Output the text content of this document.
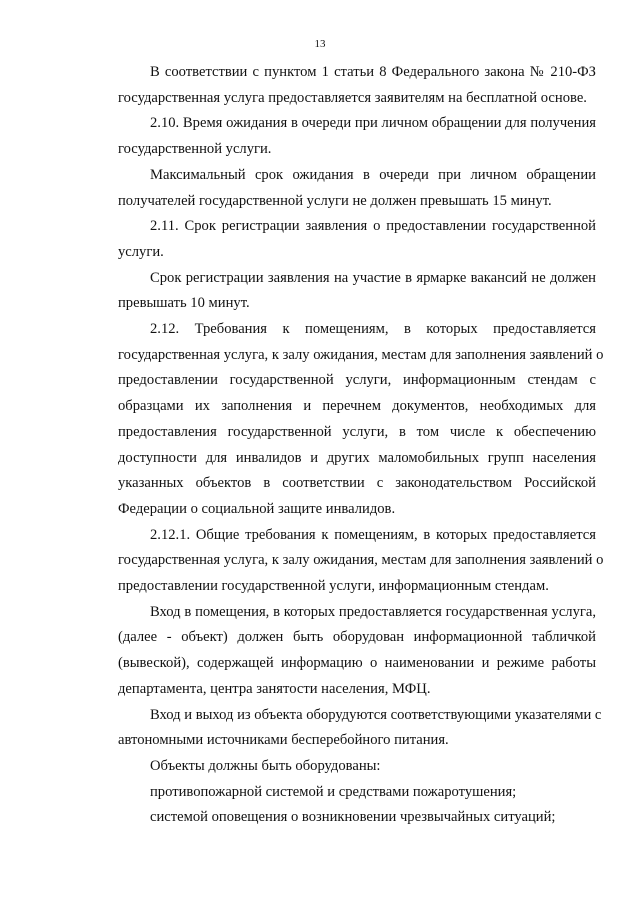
13
В соответствии с пунктом 1 статьи 8 Федерального закона № 210-ФЗ
государственная услуга предоставляется заявителям на бесплатной основе.
2.10. Время ожидания в очереди при личном обращении для получения
государственной услуги.
Максимальный срок ожидания в очереди при личном обращении
получателей государственной услуги не должен превышать 15 минут.
2.11. Срок регистрации заявления о предоставлении государственной
услуги.
Срок регистрации заявления на участие в ярмарке вакансий не должен
превышать 10 минут.
2.12. Требования к помещениям, в которых предоставляется
государственная услуга, к залу ожидания, местам для заполнения заявлений о
предоставлении государственной услуги, информационным стендам с
образцами их заполнения и перечнем документов, необходимых для
предоставления государственной услуги, в том числе к обеспечению
доступности для инвалидов и других маломобильных групп населения
указанных объектов в соответствии с законодательством Российской
Федерации о социальной защите инвалидов.
2.12.1. Общие требования к помещениям, в которых предоставляется
государственная услуга, к залу ожидания, местам для заполнения заявлений о
предоставлении государственной услуги, информационным стендам.
Вход в помещения, в которых предоставляется государственная услуга,
(далее - объект) должен быть оборудован информационной табличкой
(вывеской), содержащей информацию о наименовании и режиме работы
департамента, центра занятости населения, МФЦ.
Вход и выход из объекта оборудуются соответствующими указателями с
автономными источниками бесперебойного питания.
Объекты должны быть оборудованы:
противопожарной системой и средствами пожаротушения;
системой оповещения о возникновении чрезвычайных ситуаций;
